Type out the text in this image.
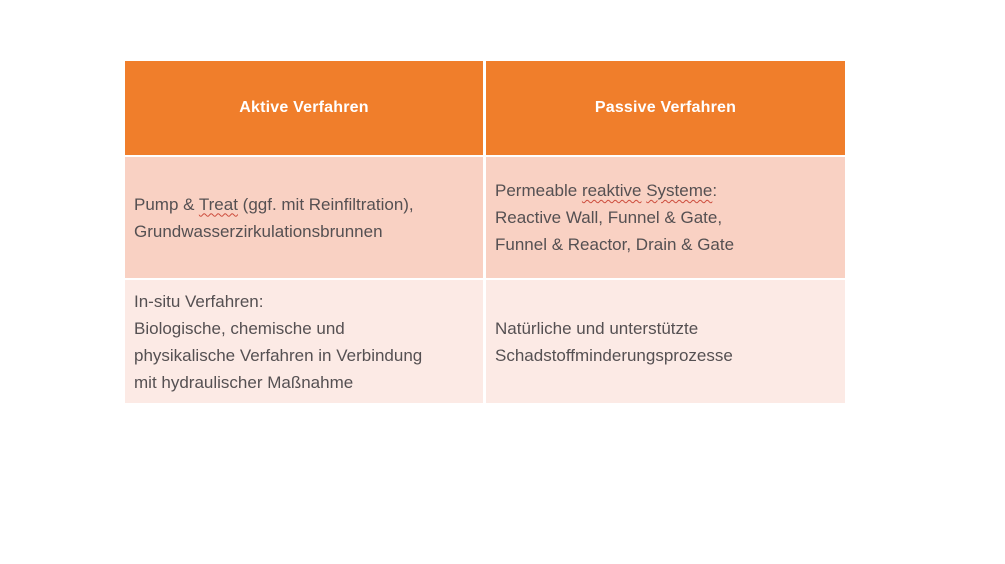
Aktive Verfahren	Passive Verfahren
Pump & Treat (ggf. mit Reinfiltration),
Grundwasserzirkulationsbrunnen
Permeable reaktive Systeme:
Reactive Wall, Funnel & Gate,
Funnel & Reactor, Drain & Gate
In-situ Verfahren:
Biologische, chemische und
physikalische Verfahren in Verbindung
mit hydraulischer Maßnahme
Natürliche und unterstützte
Schadstoffminderungsprozesse
